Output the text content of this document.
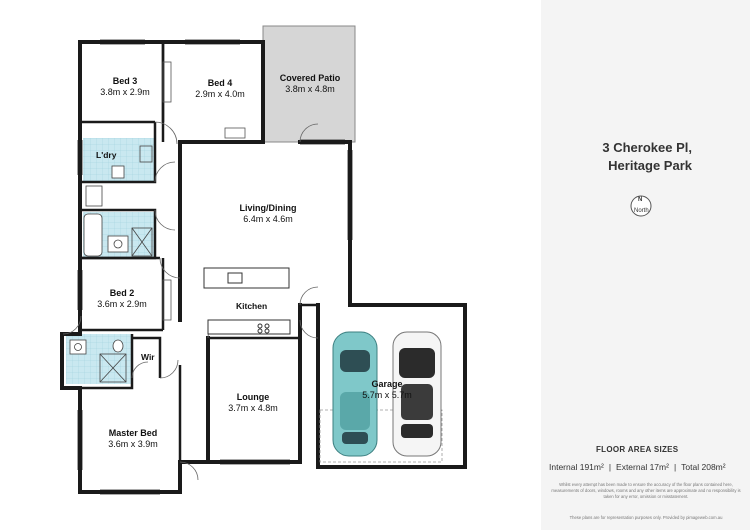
Bed 3
3.8m x 2.9m
Bed 4
2.9m x 4.0m
Covered Patio
3.8m x 4.8m
L'dry
Living/Dining
6.4m x 4.6m
Bed 2
3.6m x 2.9m	Kitchen
Wir
Garage
5.7m x 5.7m
Lounge
3.7m x 4.8m
Master Bed
3.6m x 3.9m
3 Cherokee Pl,
Heritage Park
N
North
FLOOR AREA SIZES
Internal 191m² | External 17m² | Total 208m²
Whilst every attempt has been made to ensure the accuracy of the floor plans contained here, measurements of doors, windows, rooms and any other items are approximate and no responsibility is taken for any error, omission or misstatement.
These plans are for representation purposes only. Provided by pimageweb.com.au
